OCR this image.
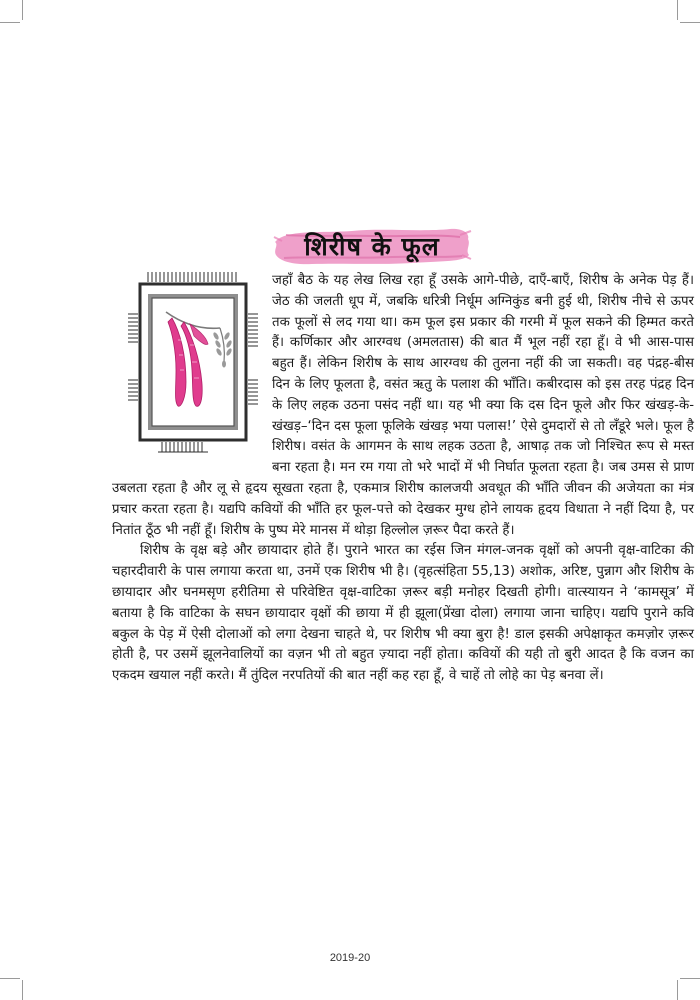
शिरीष के फूल

जहाँ बैठ के यह लेख लिख रहा हूँ उसके आगे-पीछे, दाएँ-बाएँ, शिरीष के अनेक पेड़ हैं। जेठ की जलती धूप में, जबकि धरित्री निर्धूम अग्निकुंड बनी हुई थी, शिरीष नीचे से ऊपर तक फूलों से लद गया था। कम फूल इस प्रकार की गरमी में फूल सकने की हिम्मत करते हैं। कर्णिकार और आरग्वध (अमलतास) की बात मैं भूल नहीं रहा हूँ। वे भी आस-पास बहुत हैं। लेकिन शिरीष के साथ आरग्वध की तुलना नहीं की जा सकती। वह पंद्रह-बीस दिन के लिए फूलता है, वसंत ऋतु के पलाश की भाँति। कबीरदास को इस तरह पंद्रह दिन के लिए लहक उठना पसंद नहीं था। यह भी क्या कि दस दिन फूले और फिर खंखड़-के-खंखड़–‘दिन दस फूला फूलिके खंखड़ भया पलास!’ ऐसे दुमदारों से तो लँडूरे भले। फूल है शिरीष। वसंत के आगमन के साथ लहक उठता है, आषाढ़ तक जो निश्चित रूप से मस्त बना रहता है। मन रम गया तो भरे भादों में भी निर्घात फूलता रहता है। जब उमस से प्राण उबलता रहता है और लू से हृदय सूखता रहता है, एकमात्र शिरीष कालजयी अवधूत की भाँति जीवन की अजेयता का मंत्र प्रचार करता रहता है। यद्यपि कवियों की भाँति हर फूल-पत्ते को देखकर मुग्ध होने लायक हृदय विधाता ने नहीं दिया है, पर नितांत ठूँठ भी नहीं हूँ। शिरीष के पुष्प मेरे मानस में थोड़ा हिल्लोल ज़रूर पैदा करते हैं।

शिरीष के वृक्ष बड़े और छायादार होते हैं। पुराने भारत का रईस जिन मंगल-जनक वृक्षों को अपनी वृक्ष-वाटिका की चहारदीवारी के पास लगाया करता था, उनमें एक शिरीष भी है। (वृहत्संहिता 55,13) अशोक, अरिष्ट, पुन्नाग और शिरीष के छायादार और घनमसृण हरीतिमा से परिवेष्टित वृक्ष-वाटिका ज़रूर बड़ी मनोहर दिखती होगी। वात्स्यायन ने ‘कामसूत्र’ में बताया है कि वाटिका के सघन छायादार वृक्षों की छाया में ही झूला(प्रेंखा दोला) लगाया जाना चाहिए। यद्यपि पुराने कवि बकुल के पेड़ में ऐसी दोलाओं को लगा देखना चाहते थे, पर शिरीष भी क्या बुरा है! डाल इसकी अपेक्षाकृत कमज़ोर ज़रूर होती है, पर उसमें झूलनेवालियों का वज़न भी तो बहुत ज़्यादा नहीं होता। कवियों की यही तो बुरी आदत है कि वजन का एकदम खयाल नहीं करते। मैं तुंदिल नरपतियों की बात नहीं कह रहा हूँ, वे चाहें तो लोहे का पेड़ बनवा लें।

2019-20
